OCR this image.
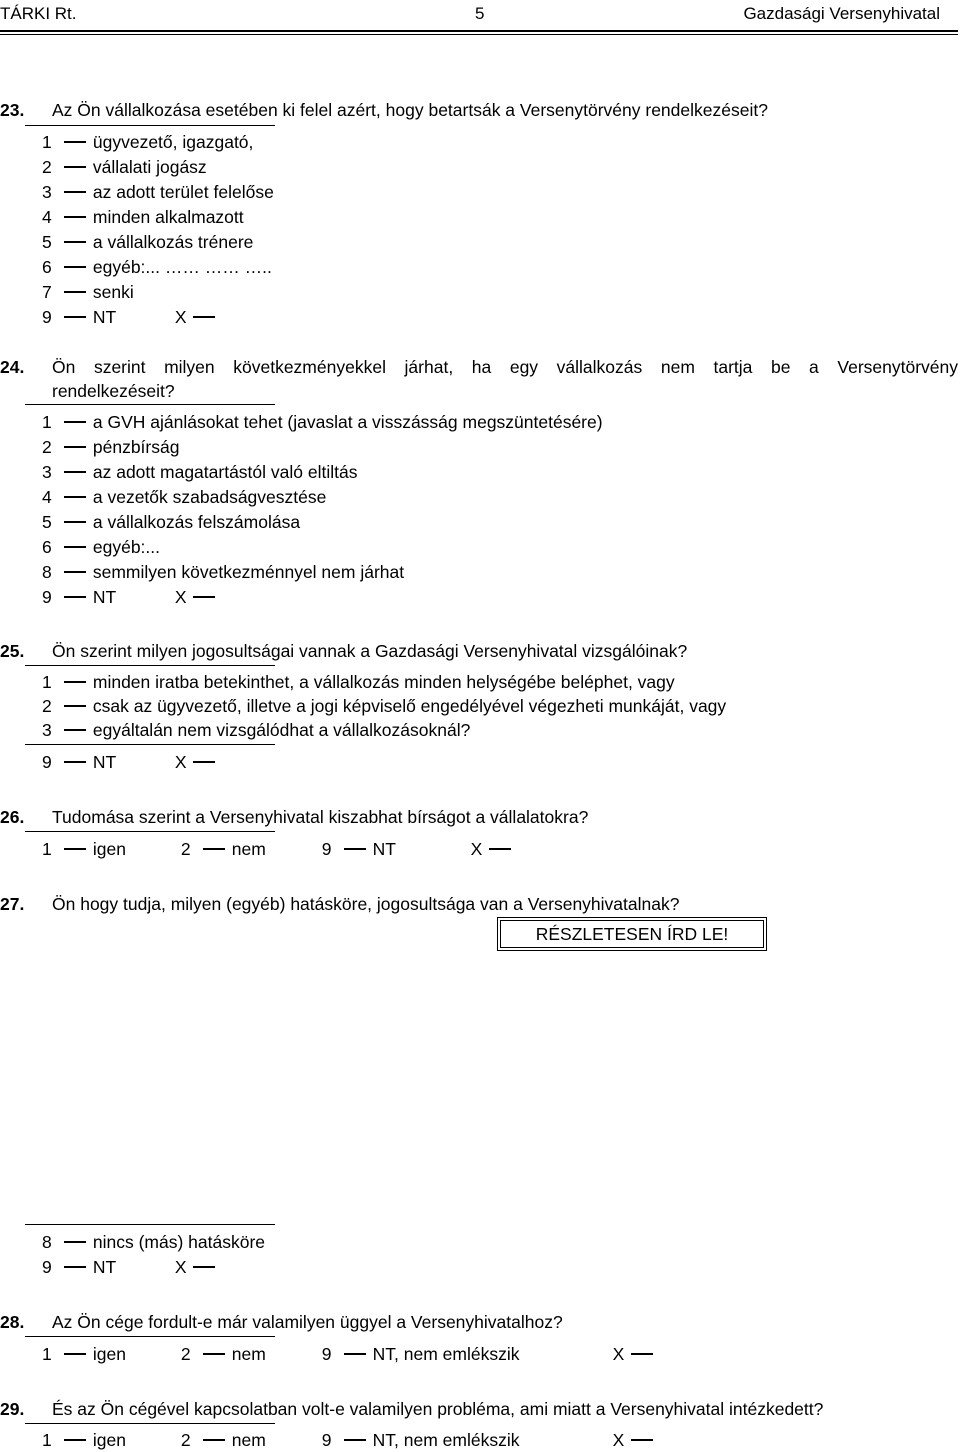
TÁRKI Rt.	5	Gazdasági Versenyhivatal
23. Az Ön vállalkozása esetében ki felel azért, hogy betartsák a Versenytörvény rendelkezéseit?
1 ügyvezető, igazgató,
2 vállalati jogász
3 az adott terület felelőse
4 minden alkalmazott
5 a vállalkozás trénere
6 egyéb:... …… …… …..
7 senki
9 NT	X
24. Ön szerint milyen következményekkel járhat, ha egy vállalkozás nem tartja be a Versenytörvény
rendelkezéseit?
1 a GVH ajánlásokat tehet (javaslat a visszásság megszüntetésére)
2 pénzbírság
3 az adott magatartástól való eltiltás
4 a vezetők szabadságvesztése
5 a vállalkozás felszámolása
6 egyéb:...
8 semmilyen következménnyel nem járhat
9 NT	X
25. Ön szerint milyen jogosultságai vannak a Gazdasági Versenyhivatal vizsgálóinak?
1 minden iratba betekinthet, a vállalkozás minden helységébe beléphet, vagy
2 csak az ügyvezető, illetve a jogi képviselő engedélyével végezheti munkáját, vagy
3 egyáltalán nem vizsgálódhat a vállalkozásoknál?
9 NT	X
26. Tudomása szerint a Versenyhivatal kiszabhat bírságot a vállalatokra?
1 igen	2 nem	9 NT	X
27. Ön hogy tudja, milyen (egyéb) hatásköre, jogosultsága van a Versenyhivatalnak?
RÉSZLETESEN ÍRD LE!
8 nincs (más) hatásköre
9 NT	X
28. Az Ön cége fordult-e már valamilyen üggyel a Versenyhivatalhoz?
1 igen	2 nem	9 NT, nem emlékszik	X
29. És az Ön cégével kapcsolatban volt-e valamilyen probléma, ami miatt a Versenyhivatal intézkedett?
1 igen	2 nem	9 NT, nem emlékszik	X
